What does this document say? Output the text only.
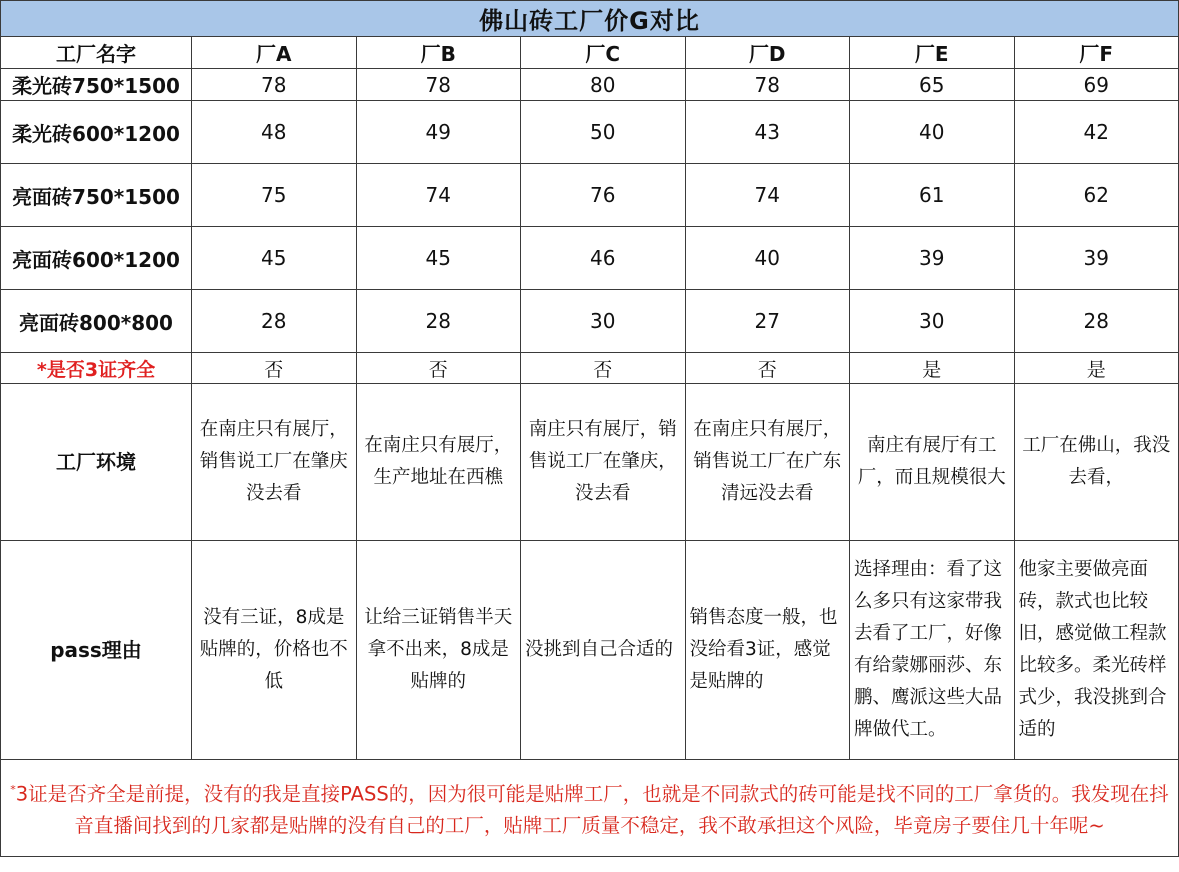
佛山砖工厂价G对比						
工厂名字	厂A	厂B	厂C	厂D	厂E	厂F
柔光砖750*1500	78	78	80	78	65	69
柔光砖600*1200	48	49	50	43	40	42
亮面砖750*1500	75	74	76	74	61	62
亮面砖600*1200	45	45	46	40	39	39
亮面砖800*800	28	28	30	27	30	28
*是否3证齐全	否	否	否	否	是	是
工厂环境	在南庄只有展厅，销售说工厂在肇庆没去看	在南庄只有展厅，生产地址在西樵	南庄只有展厅，销售说工厂在肇庆，没去看	在南庄只有展厅，销售说工厂在广东清远没去看	南庄有展厅有工厂，而且规模很大	工厂在佛山，我没去看，
pass理由	没有三证，8成是贴牌的，价格也不低	让给三证销售半天拿不出来，8成是贴牌的	没挑到自己合适的	销售态度一般，也没给看3证，感觉是贴牌的	选择理由：看了这么多只有这家带我去看了工厂，好像有给蒙娜丽莎、东鹏、鹰派这些大品牌做代工。	他家主要做亮面砖，款式也比较旧，感觉做工程款比较多。柔光砖样式少，我没挑到合适的
*3证是否齐全是前提，没有的我是直接PASS的，因为很可能是贴牌工厂，也就是不同款式的砖可能是找不同的工厂拿货的。我发现在抖音直播间找到的几家都是贴牌的没有自己的工厂，贴牌工厂质量不稳定，我不敢承担这个风险，毕竟房子要住几十年呢~						
